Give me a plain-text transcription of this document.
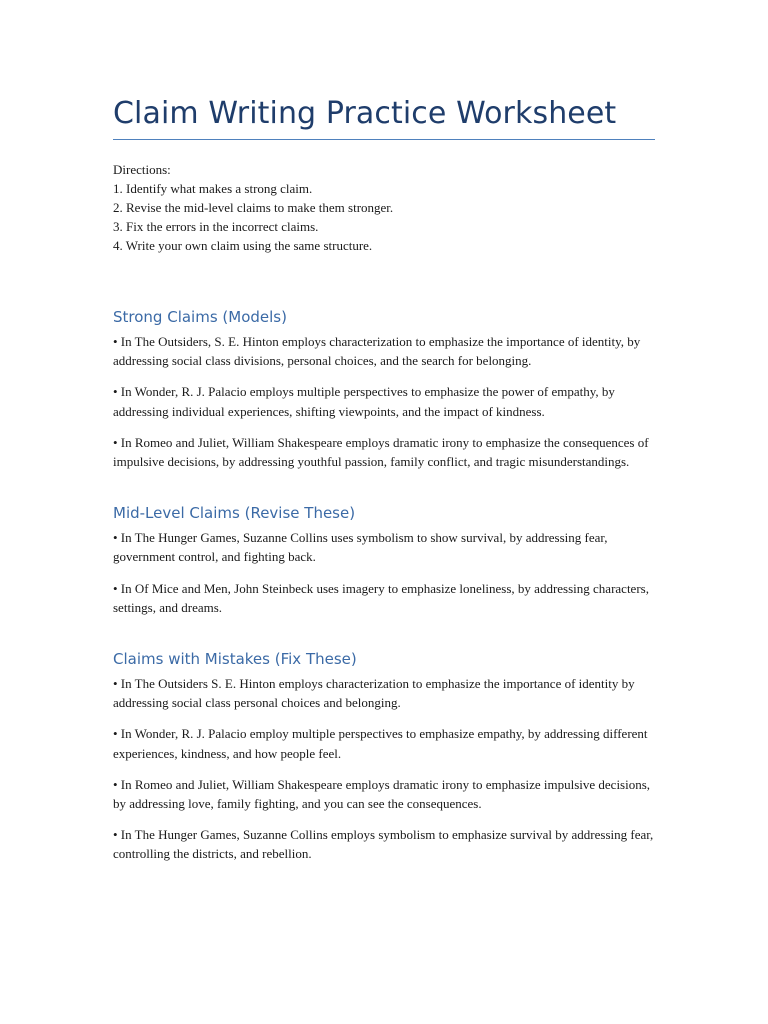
Claim Writing Practice Worksheet
Directions:
1. Identify what makes a strong claim.
2. Revise the mid-level claims to make them stronger.
3. Fix the errors in the incorrect claims.
4. Write your own claim using the same structure.
Strong Claims (Models)
• In The Outsiders, S. E. Hinton employs characterization to emphasize the importance of identity, by addressing social class divisions, personal choices, and the search for belonging.
• In Wonder, R. J. Palacio employs multiple perspectives to emphasize the power of empathy, by addressing individual experiences, shifting viewpoints, and the impact of kindness.
• In Romeo and Juliet, William Shakespeare employs dramatic irony to emphasize the consequences of impulsive decisions, by addressing youthful passion, family conflict, and tragic misunderstandings.
Mid-Level Claims (Revise These)
• In The Hunger Games, Suzanne Collins uses symbolism to show survival, by addressing fear, government control, and fighting back.
• In Of Mice and Men, John Steinbeck uses imagery to emphasize loneliness, by addressing characters, settings, and dreams.
Claims with Mistakes (Fix These)
• In The Outsiders S. E. Hinton employs characterization to emphasize the importance of identity by addressing social class personal choices and belonging.
• In Wonder, R. J. Palacio employ multiple perspectives to emphasize empathy, by addressing different experiences, kindness, and how people feel.
• In Romeo and Juliet, William Shakespeare employs dramatic irony to emphasize impulsive decisions, by addressing love, family fighting, and you can see the consequences.
• In The Hunger Games, Suzanne Collins employs symbolism to emphasize survival by addressing fear, controlling the districts, and rebellion.
